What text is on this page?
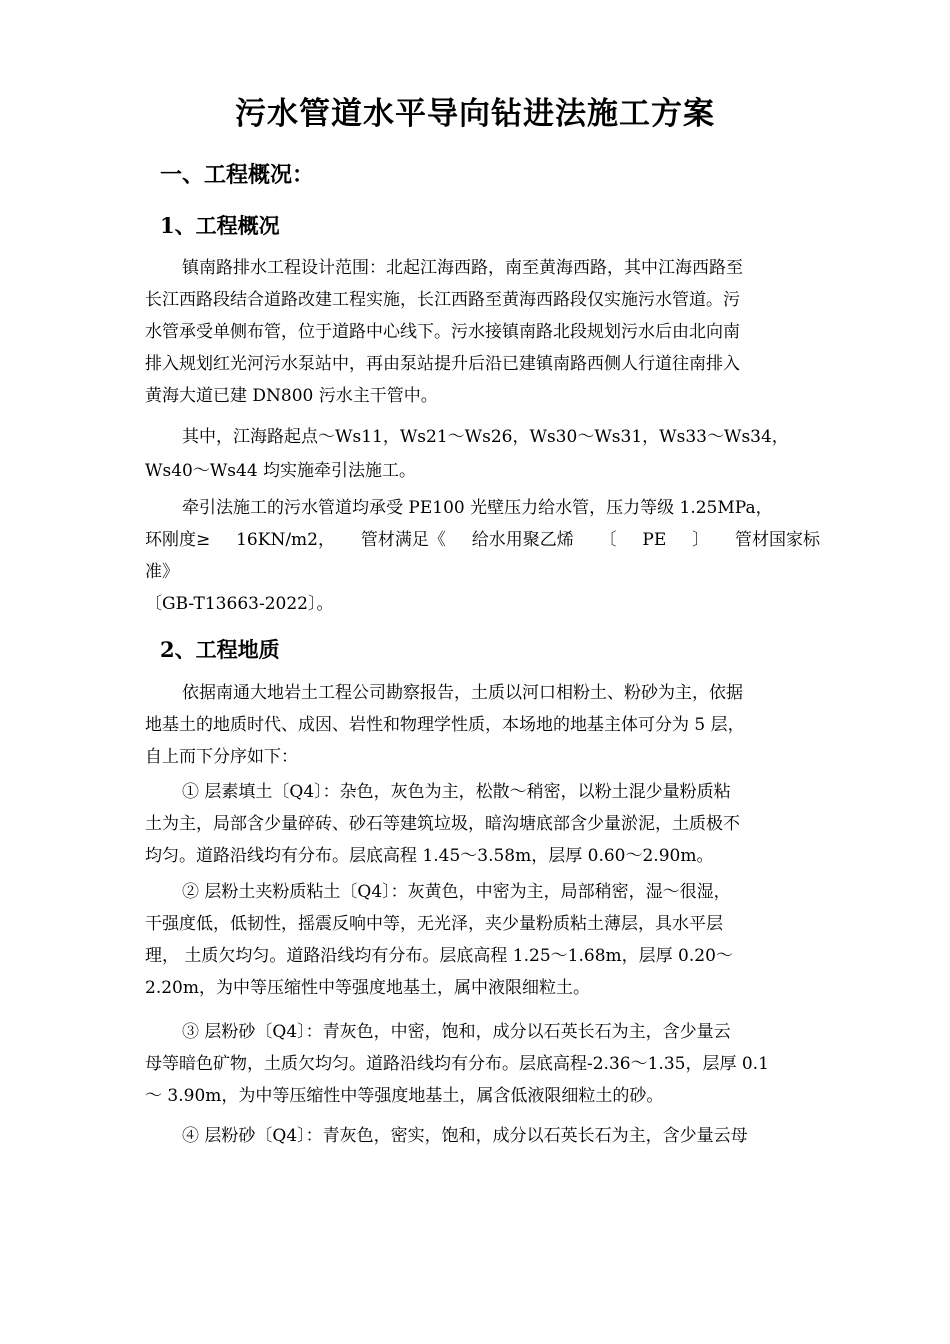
污水管道水平导向钻进法施工方案
一、工程概况：
1、工程概况

镇南路排水工程设计范围：北起江海西路，南至黄海西路，其中江海西路至
长江西路段结合道路改建工程实施，长江西路至黄海西路段仅实施污水管道。污
水管承受单侧布管，位于道路中心线下。污水接镇南路北段规划污水后由北向南
排入规划红光河污水泵站中，再由泵站提升后沿已建镇南路西侧人行道往南排入
黄海大道已建 DN800 污水主干管中。

其中，江海路起点～Ws11，Ws21～Ws26，Ws30～Ws31，Ws33～Ws34，
Ws40～Ws44 均实施牵引法施工。

牵引法施工的污水管道均承受 PE100 光壁压力给水管，压力等级 1.25MPa，
环刚度≥ 16KN/m2， 管材满足《 给水用聚乙烯 〔 PE 〕 管材国家标
准》
〔GB-T13663-2022〕。

2、工程地质

依据南通大地岩土工程公司勘察报告，土质以河口相粉土、粉砂为主，依据
地基土的地质时代、成因、岩性和物理学性质，本场地的地基主体可分为 5 层，
自上而下分序如下：

① 层素填土〔Q4〕：杂色，灰色为主，松散～稍密，以粉土混少量粉质粘
土为主，局部含少量碎砖、砂石等建筑垃圾，暗沟塘底部含少量淤泥，土质极不
均匀。道路沿线均有分布。层底高程 1.45～3.58m，层厚 0.60～2.90m。

② 层粉土夹粉质粘土〔Q4〕：灰黄色，中密为主，局部稍密，湿～很湿，
干强度低，低韧性，摇震反响中等，无光泽，夹少量粉质粘土薄层，具水平层
理， 土质欠均匀。道路沿线均有分布。层底高程 1.25～1.68m，层厚 0.20～
2.20m，为中等压缩性中等强度地基土，属中液限细粒土。

③ 层粉砂〔Q4〕：青灰色，中密，饱和，成分以石英长石为主，含少量云
母等暗色矿物，土质欠均匀。道路沿线均有分布。层底高程-2.36～1.35，层厚 0.1
～ 3.90m，为中等压缩性中等强度地基土，属含低液限细粒土的砂。

④ 层粉砂〔Q4〕：青灰色，密实，饱和，成分以石英长石为主，含少量云母
